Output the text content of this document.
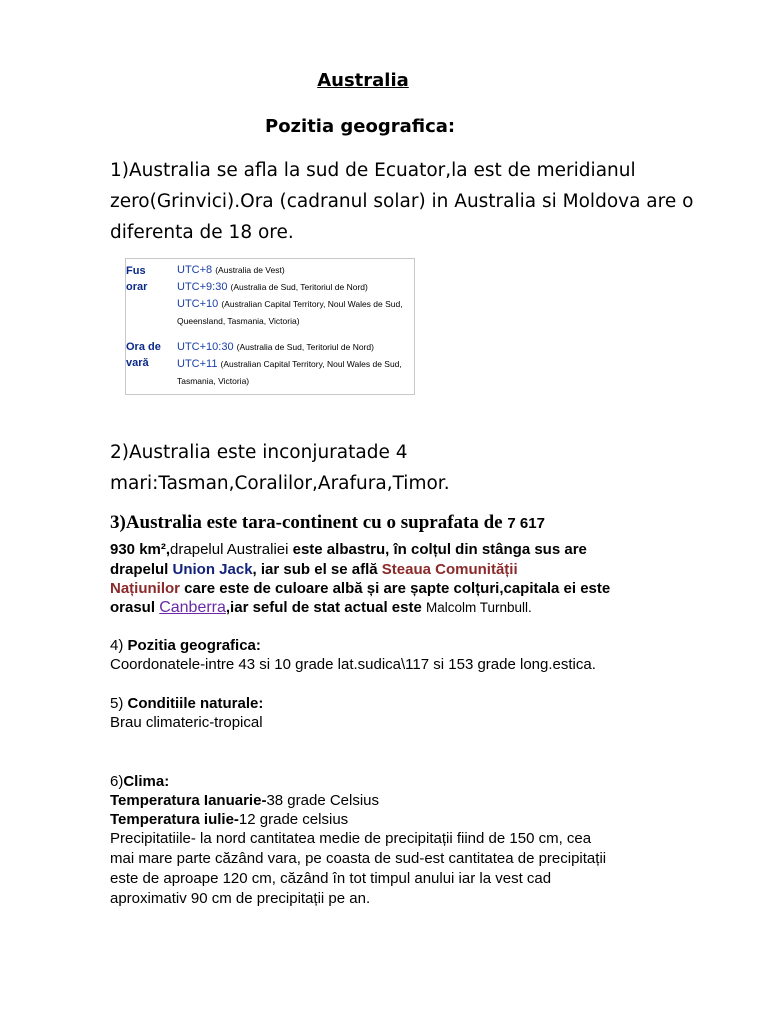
Australia
Pozitia geografica:
1)Australia se afla la sud de Ecuator,la est de meridianul zero(Grinvici).Ora (cadranul solar) in Australia si Moldova are o diferenta de 18 ore.
Fus
orar
UTC+8 (Australia de Vest)
UTC+9:30 (Australia de Sud, Teritoriul de Nord)
UTC+10 (Australian Capital Territory, Noul Wales de Sud, Queensland, Tasmania, Victoria)
Ora de
vară
UTC+10:30 (Australia de Sud, Teritoriul de Nord)
UTC+11 (Australian Capital Territory, Noul Wales de Sud, Tasmania, Victoria)
2)Australia este inconjuratade 4 mari:Tasman,Coralilor,Arafura,Timor.
3)Australia este tara-continent cu o suprafata de 7 617
930 km²,drapelul Australiei este albastru, în colțul din stânga sus are
drapelul Union Jack, iar sub el se află Steaua Comunității
Națiunilor care este de culoare albă și are șapte colțuri,capitala ei este
orasul Canberra,iar seful de stat actual este Malcolm Turnbull.
4) Pozitia geografica:
Coordonatele-intre 43 si 10 grade lat.sudica\117 si 153 grade long.estica.
5) Conditiile naturale:
Brau climateric-tropical
6)Clima:
Temperatura Ianuarie-38 grade Celsius
Temperatura iulie-12 grade celsius
Precipitatiile- la nord cantitatea medie de precipitații fiind de 150 cm, cea
mai mare parte căzând vara, pe coasta de sud-est cantitatea de precipitații
este de aproape 120 cm, căzând în tot timpul anului iar la vest cad
aproximativ 90 cm de precipitații pe an.
